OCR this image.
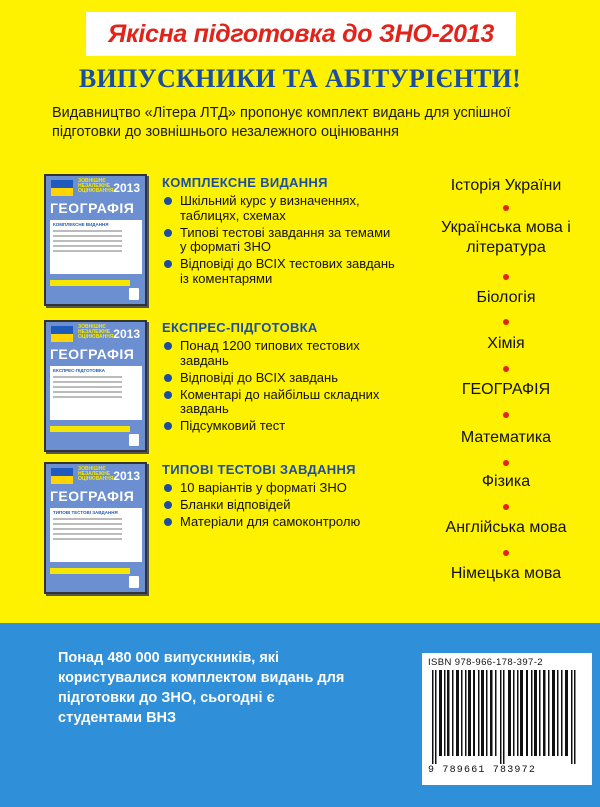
Якісна підготовка до ЗНО-2013
ВИПУСКНИКИ ТА АБІТУРІЄНТИ!
Видавництво «Літера ЛТД» пропонує комплект видань для успішної підготовки до зовнішнього незалежного оцінювання
ЗОВНІШНЄ
НЕЗАЛЕЖНЕ
ОЦІНЮВАННЯ 2013
ГЕОГРАФІЯ
КОМПЛЕКСНЕ ВИДАННЯ
ЗОВНІШНЄ
НЕЗАЛЕЖНЕ
ОЦІНЮВАННЯ 2013
ГЕОГРАФІЯ
ЕКСПРЕС-ПІДГОТОВКА
ЗОВНІШНЄ
НЕЗАЛЕЖНЕ
ОЦІНЮВАННЯ 2013
ГЕОГРАФІЯ
ТИПОВІ ТЕСТОВІ ЗАВДАННЯ
КОМПЛЕКСНЕ ВИДАННЯ
Шкільний курс у визначеннях, таблицях, схемах
Типові тестові завдання за темами у форматі ЗНО
Відповіді до ВСІХ тестових завдань із коментарями
ЕКСПРЕС-ПІДГОТОВКА
Понад 1200 типових тестових завдань
Відповіді до ВСІХ завдань
Коментарі до найбільш складних завдань
Підсумковий тест
ТИПОВІ ТЕСТОВІ ЗАВДАННЯ
10 варіантів у форматі ЗНО
Бланки відповідей
Матеріали для самоконтролю
Історія України
Українська мова і література
Біологія
Хімія
ГЕОГРАФІЯ
Математика
Фізика
Англійська мова
Німецька мова
Понад 480 000 випускників, які користувалися комплектом видань для підготовки до ЗНО, сьогодні є студентами ВНЗ
ISBN 978-966-178-397-2
9 789661 783972
